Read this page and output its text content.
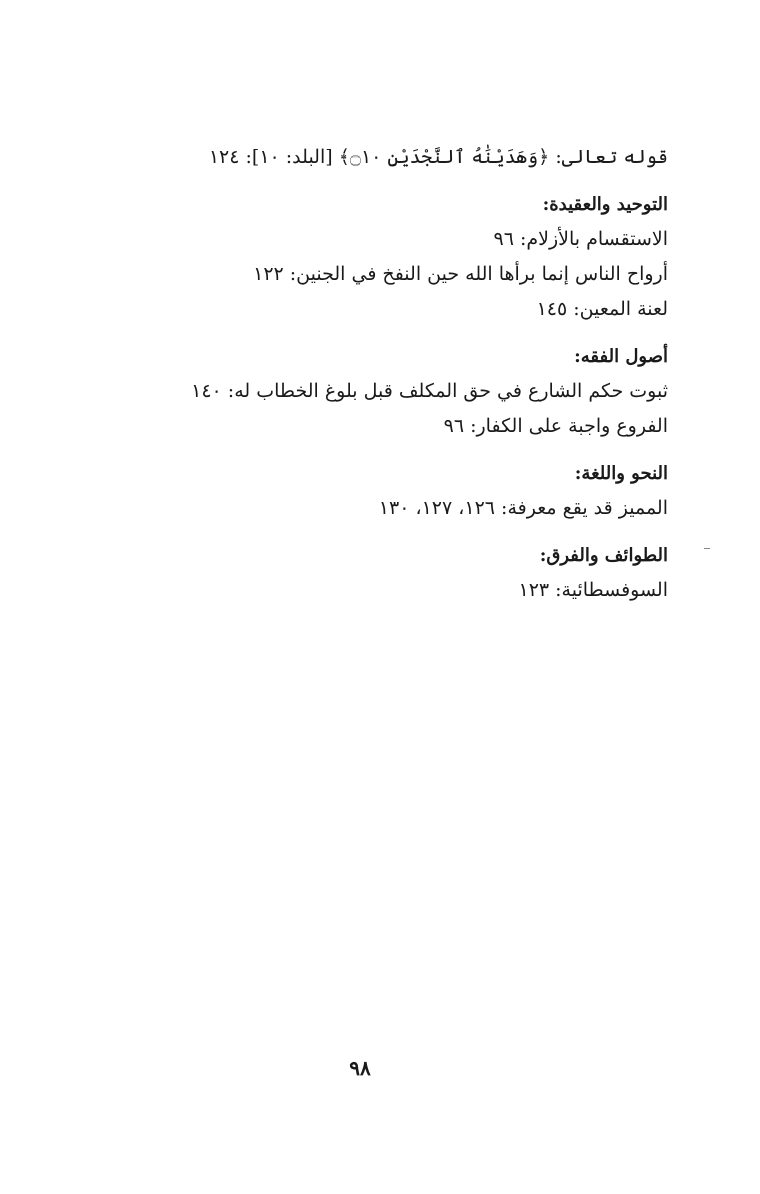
قوله تعالى: ﴿وَهَدَيْنَٰهُ ٱلنَّجْدَيْنِ ۝١٠﴾ [البلد: ١٠]: ١٢٤
التوحيد والعقيدة:
الاستقسام بالأزلام: ٩٦
أرواح الناس إنما برأها الله حين النفخ في الجنين: ١٢٢
لعنة المعين: ١٤٥
أصول الفقه:
ثبوت حكم الشارع في حق المكلف قبل بلوغ الخطاب له: ١٤٠
الفروع واجبة على الكفار: ٩٦
النحو واللغة:
المميز قد يقع معرفة: ١٢٦، ١٢٧، ١٣٠
الطوائف والفرق:
السوفسطائية: ١٢٣
٩٨
